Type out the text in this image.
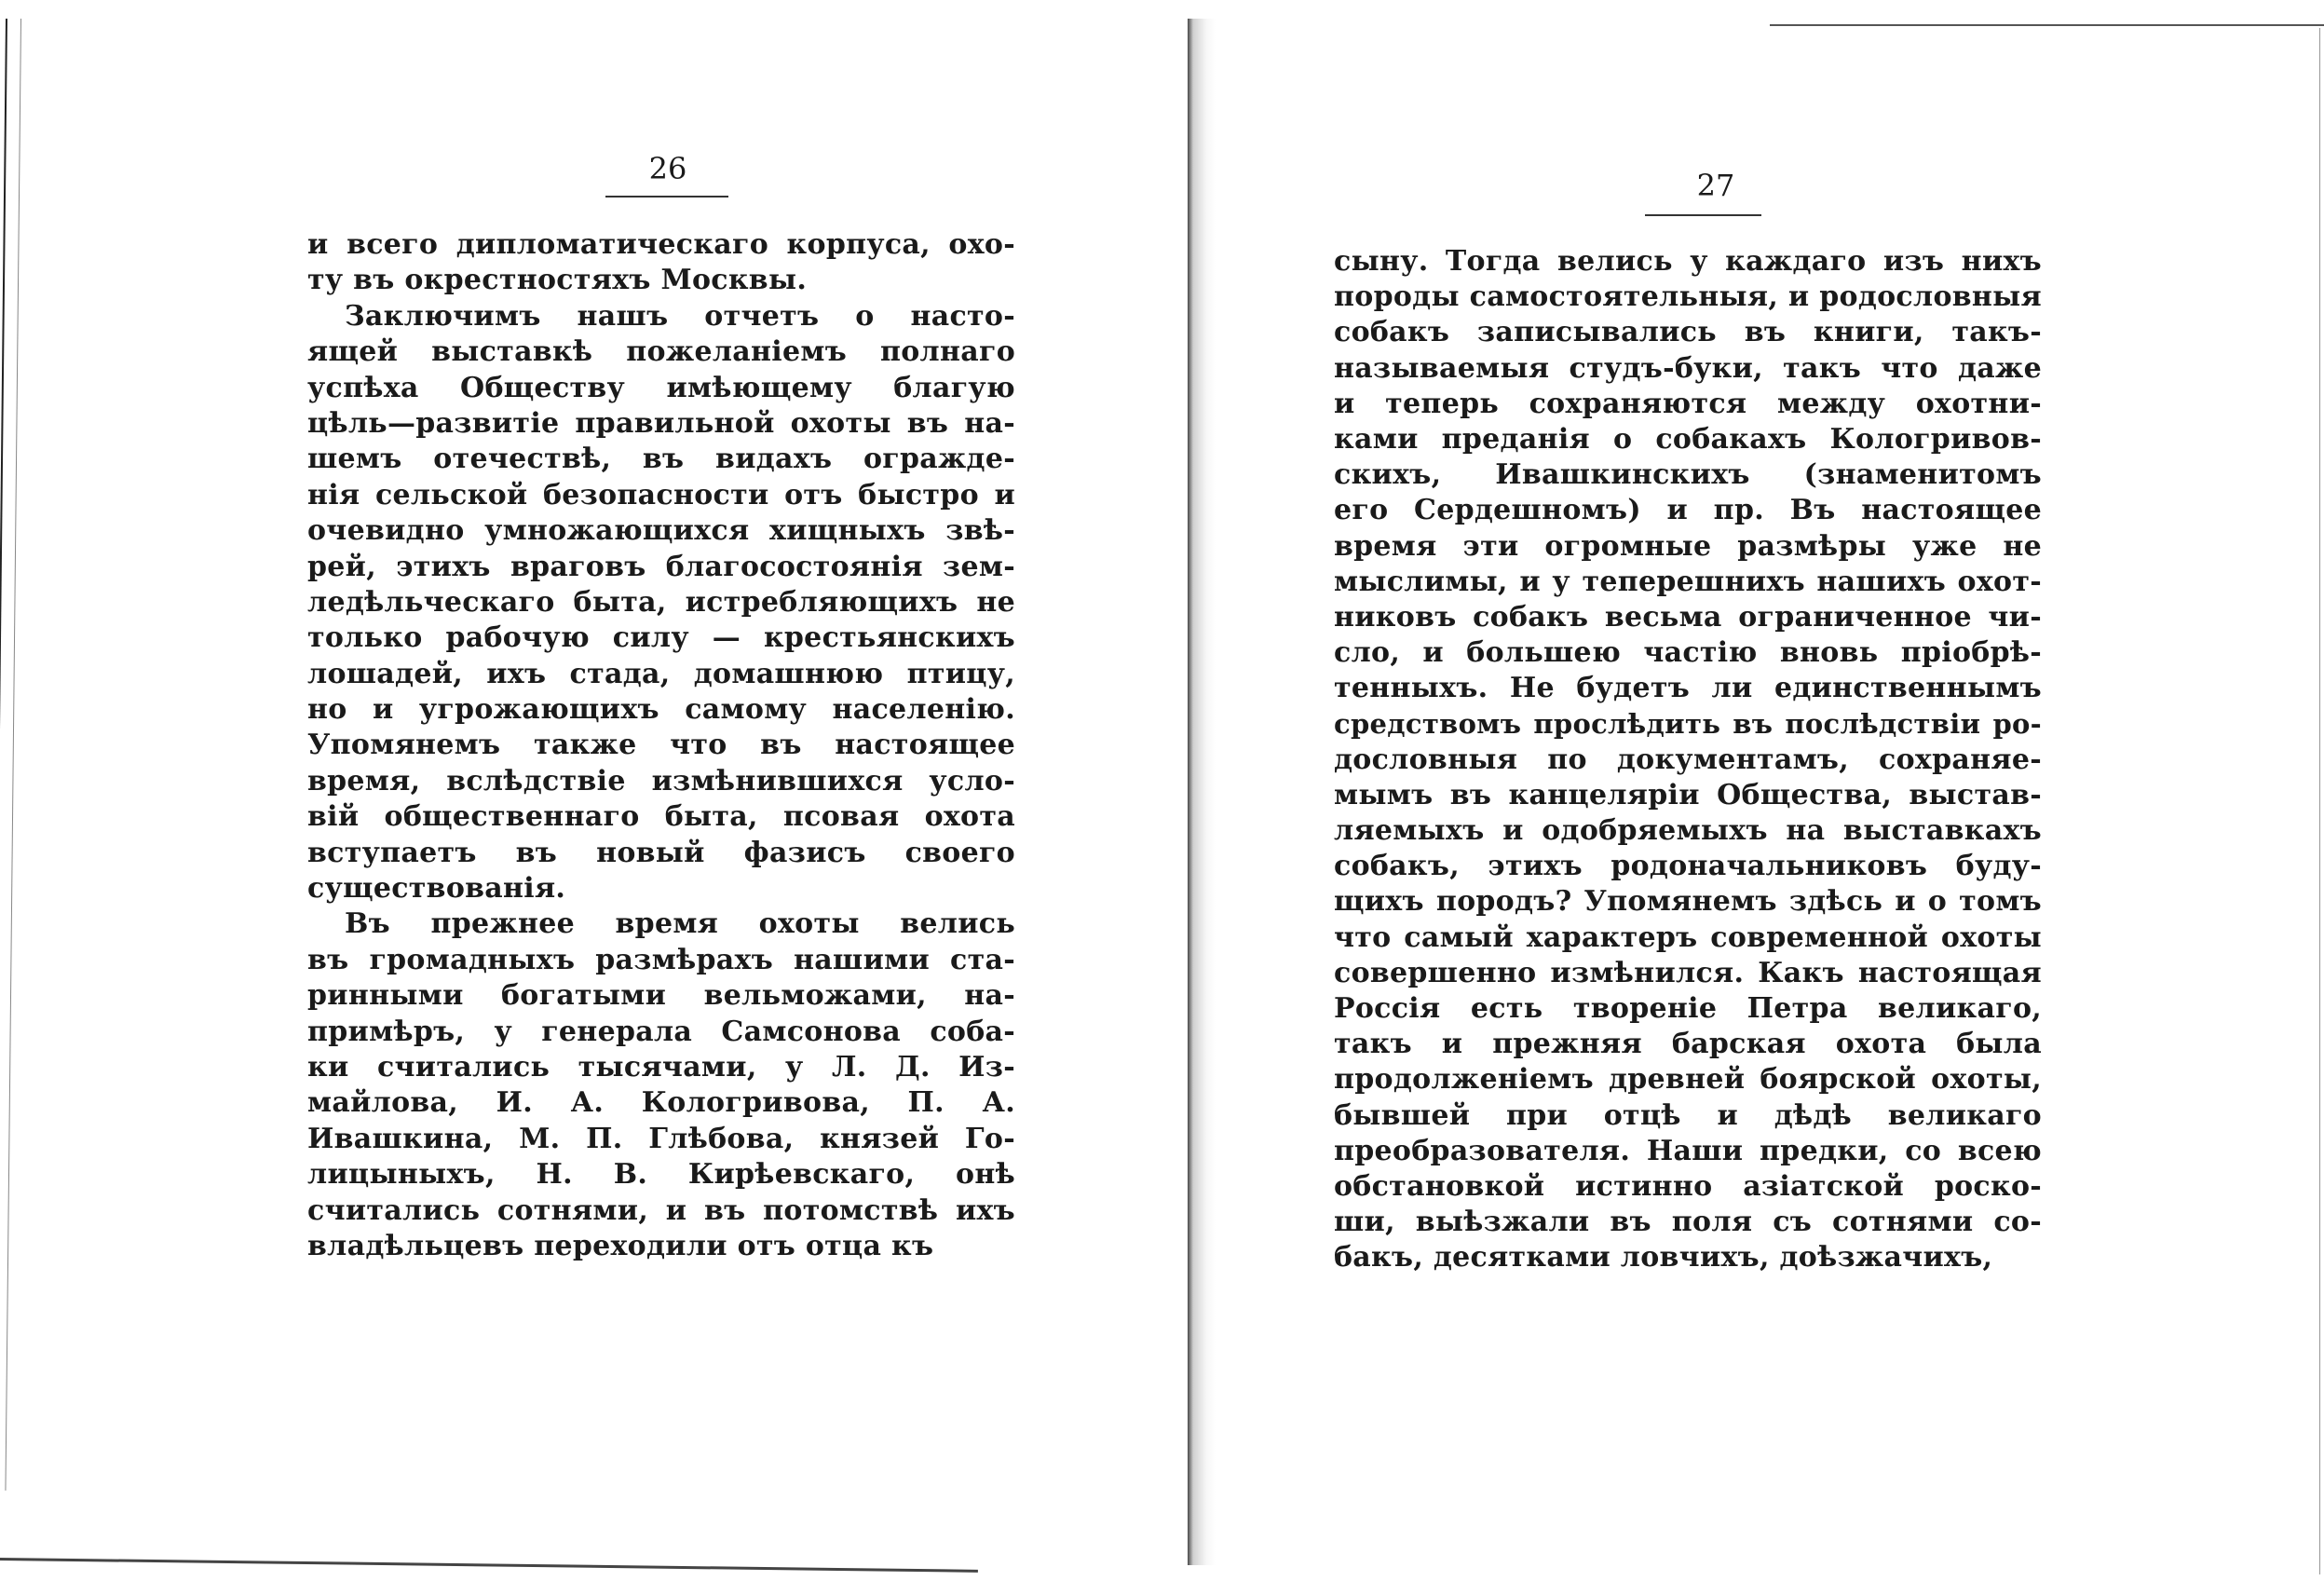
26
и всего дипломатическаго корпуса, охо-
ту въ окрестностяхъ Москвы.
Заключимъ нашъ отчетъ о насто-
ящей выставкѣ пожеланіемъ полнаго
успѣха Обществу имѣющему благую
цѣль—развитіе правильной охоты въ на-
шемъ отечествѣ, въ видахъ огражде-
нія сельской безопасности отъ быстро и
очевидно умножающихся хищныхъ звѣ-
рей, этихъ враговъ благосостоянія зем-
ледѣльческаго быта, истребляющихъ не
только рабочую силу — крестьянскихъ
лошадей, ихъ стада, домашнюю птицу,
но и угрожающихъ самому населенію.
Упомянемъ также что въ настоящее
время, вслѣдствіе измѣнившихся усло-
вій общественнаго быта, псовая охота
вступаетъ въ новый фазисъ своего
существованія.
Въ прежнее время охоты велись
въ громадныхъ размѣрахъ нашими ста-
ринными богатыми вельможами, на-
примѣръ, у генерала Самсонова соба-
ки считались тысячами, у Л. Д. Из-
майлова, И. А. Кологривова, П. А.
Ивашкина, М. П. Глѣбова, князей Го-
лицыныхъ, Н. В. Кирѣевскаго, онѣ
считались сотнями, и въ потомствѣ ихъ
владѣльцевъ переходили отъ отца къ
27
сыну. Тогда велись у каждаго изъ нихъ
породы самостоятельныя, и родословныя
собакъ записывались въ книги, такъ-
называемыя студъ-буки, такъ что даже
и теперь сохраняются между охотни-
ками преданія о собакахъ Кологривов-
скихъ, Ивашкинскихъ (знаменитомъ
его Сердешномъ) и пр. Въ настоящее
время эти огромные размѣры уже не
мыслимы, и у теперешнихъ нашихъ охот-
никовъ собакъ весьма ограниченное чи-
сло, и большею частію вновь пріобрѣ-
тенныхъ. Не будетъ ли единственнымъ
средствомъ прослѣдить въ послѣдствіи ро-
дословныя по документамъ, сохраняе-
мымъ въ канцеляріи Общества, выстав-
ляемыхъ и одобряемыхъ на выставкахъ
собакъ, этихъ родоначальниковъ буду-
щихъ породъ? Упомянемъ здѣсь и о томъ
что самый характеръ современной охоты
совершенно измѣнился. Какъ настоящая
Россія есть твореніе Петра великаго,
такъ и прежняя барская охота была
продолженіемъ древней боярской охоты,
бывшей при отцѣ и дѣдѣ великаго
преобразователя. Наши предки, со всею
обстановкой истинно азіатской роско-
ши, выѣзжали въ поля съ сотнями со-
бакъ, десятками ловчихъ, доѣзжачихъ,
